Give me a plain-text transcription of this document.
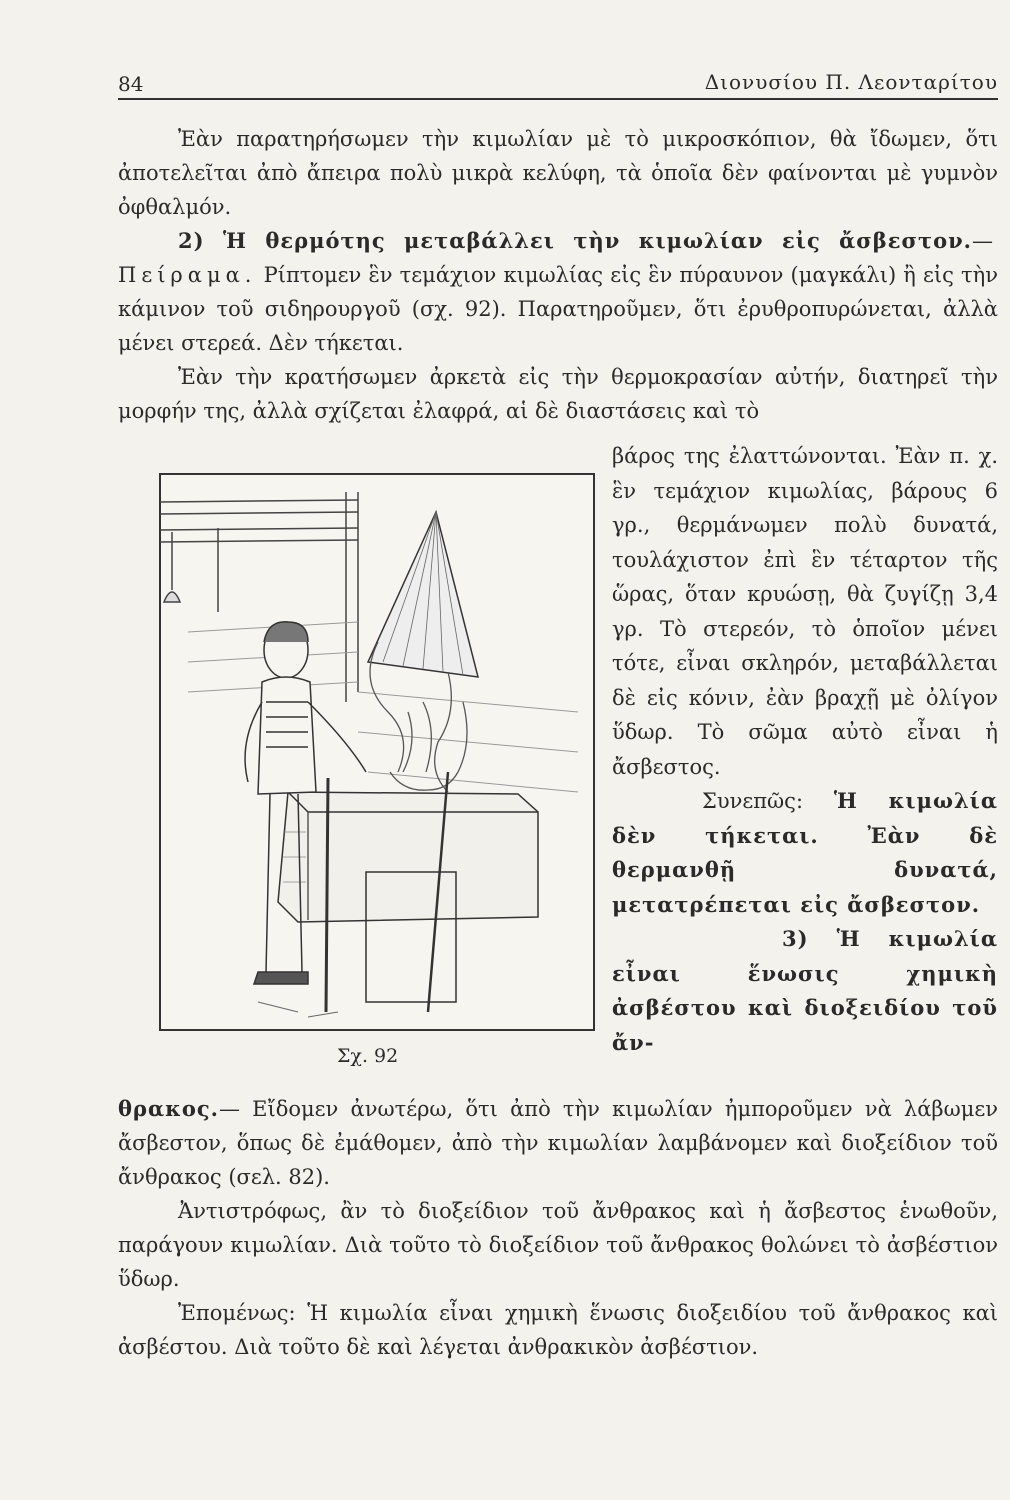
84	Διονυσίου Π. Λεονταρίτου

Ἐὰν παρατηρήσωμεν τὴν κιμωλίαν μὲ τὸ μικροσκόπιον, θὰ ἴδωμεν, ὅτι ἀποτελεῖται ἀπὸ ἄπειρα πολὺ μικρὰ κελύφη, τὰ ὁποῖα δὲν φαίνονται μὲ γυμνὸν ὀφθαλμόν.

2) Ἡ θερμότης μεταβάλλει τὴν κιμωλίαν εἰς ἄσβεστον.—Πείραμα. Ρίπτομεν ἓν τεμάχιον κιμωλίας εἰς ἓν πύραυνον (μαγκάλι) ἢ εἰς τὴν κάμινον τοῦ σιδηρουργοῦ (σχ. 92). Παρατηροῦμεν, ὅτι ἐρυθροπυρώνεται, ἀλλὰ μένει στερεά. Δὲν τήκεται.

Ἐὰν τὴν κρατήσωμεν ἀρκετὰ εἰς τὴν θερμοκρασίαν αὐτήν, διατηρεῖ τὴν μορφήν της, ἀλλὰ σχίζεται ἐλαφρά, αἱ δὲ διαστάσεις καὶ τὸ

Σχ. 92

βάρος της ἐλαττώνονται. Ἐὰν π. χ. ἓν τεμάχιον κιμωλίας, βάρους 6 γρ., θερμάνωμεν πολὺ δυνατά, τουλάχιστον ἐπὶ ἓν τέταρτον τῆς ὥρας, ὅταν κρυώσῃ, θὰ ζυγίζῃ 3,4 γρ. Τὸ στερεόν, τὸ ὁποῖον μένει τότε, εἶναι σκληρόν, μεταβάλλεται δὲ εἰς κόνιν, ἐὰν βραχῇ μὲ ὀλίγον ὕδωρ. Τὸ σῶμα αὐτὸ εἶναι ἡ ἄσβεστος.

Συνεπῶς: Ἡ κιμωλία δὲν τήκεται. Ἐὰν δὲ θερμανθῇ δυνατά, μετατρέπεται εἰς ἄσβεστον.

3) Ἡ κιμωλία εἶναι ἕνωσις χημικὴ ἀσβέστου καὶ διοξειδίου τοῦ ἄν-

θρακος.— Εἴδομεν ἀνωτέρω, ὅτι ἀπὸ τὴν κιμωλίαν ἠμποροῦμεν νὰ λάβωμεν ἄσβεστον, ὅπως δὲ ἐμάθομεν, ἀπὸ τὴν κιμωλίαν λαμβάνομεν καὶ διοξείδιον τοῦ ἄνθρακος (σελ. 82).

Ἀντιστρόφως, ἂν τὸ διοξείδιον τοῦ ἄνθρακος καὶ ἡ ἄσβεστος ἑνωθοῦν, παράγουν κιμωλίαν. Διὰ τοῦτο τὸ διοξείδιον τοῦ ἄνθρακος θολώνει τὸ ἀσβέστιον ὕδωρ.

Ἐπομένως: Ἡ κιμωλία εἶναι χημικὴ ἕνωσις διοξειδίου τοῦ ἄνθρακος καὶ ἀσβέστου. Διὰ τοῦτο δὲ καὶ λέγεται ἀνθρακικὸν ἀσβέστιον.
